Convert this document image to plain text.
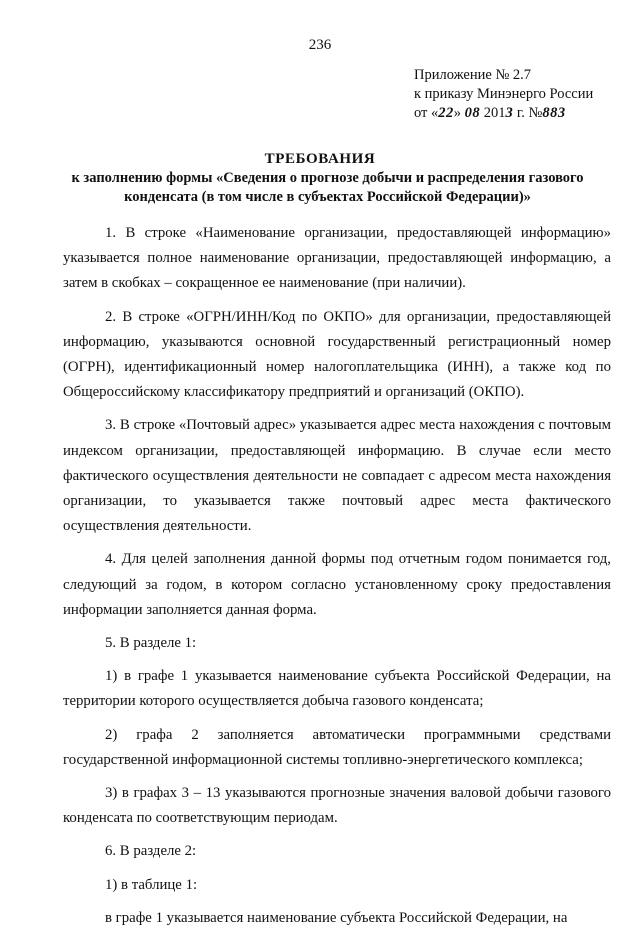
236
Приложение № 2.7
к приказу Минэнерго России
от «22» 08 2013 г. №883
ТРЕБОВАНИЯ
к заполнению формы «Сведения о прогнозе добычи и распределения газового конденсата (в том числе в субъектах Российской Федерации)»

1. В строке «Наименование организации, предоставляющей информацию» указывается полное наименование организации, предоставляющей информацию, а затем в скобках – сокращенное ее наименование (при наличии).

2. В строке «ОГРН/ИНН/Код по ОКПО» для организации, предоставляющей информацию, указываются основной государственный регистрационный номер (ОГРН), идентификационный номер налогоплательщика (ИНН), а также код по Общероссийскому классификатору предприятий и организаций (ОКПО).

3. В строке «Почтовый адрес» указывается адрес места нахождения с почтовым индексом организации, предоставляющей информацию. В случае если место фактического осуществления деятельности не совпадает с адресом места нахождения организации, то указывается также почтовый адрес места фактического осуществления деятельности.

4. Для целей заполнения данной формы под отчетным годом понимается год, следующий за годом, в котором согласно установленному сроку предоставления информации заполняется данная форма.

5. В разделе 1:

1) в графе 1 указывается наименование субъекта Российской Федерации, на территории которого осуществляется добыча газового конденсата;

2) графа 2 заполняется автоматически программными средствами государственной информационной системы топливно-энергетического комплекса;

3) в графах 3 – 13 указываются прогнозные значения валовой добычи газового конденсата по соответствующим периодам.

6. В разделе 2:

1) в таблице 1:

в графе 1 указывается наименование субъекта Российской Федерации, на
